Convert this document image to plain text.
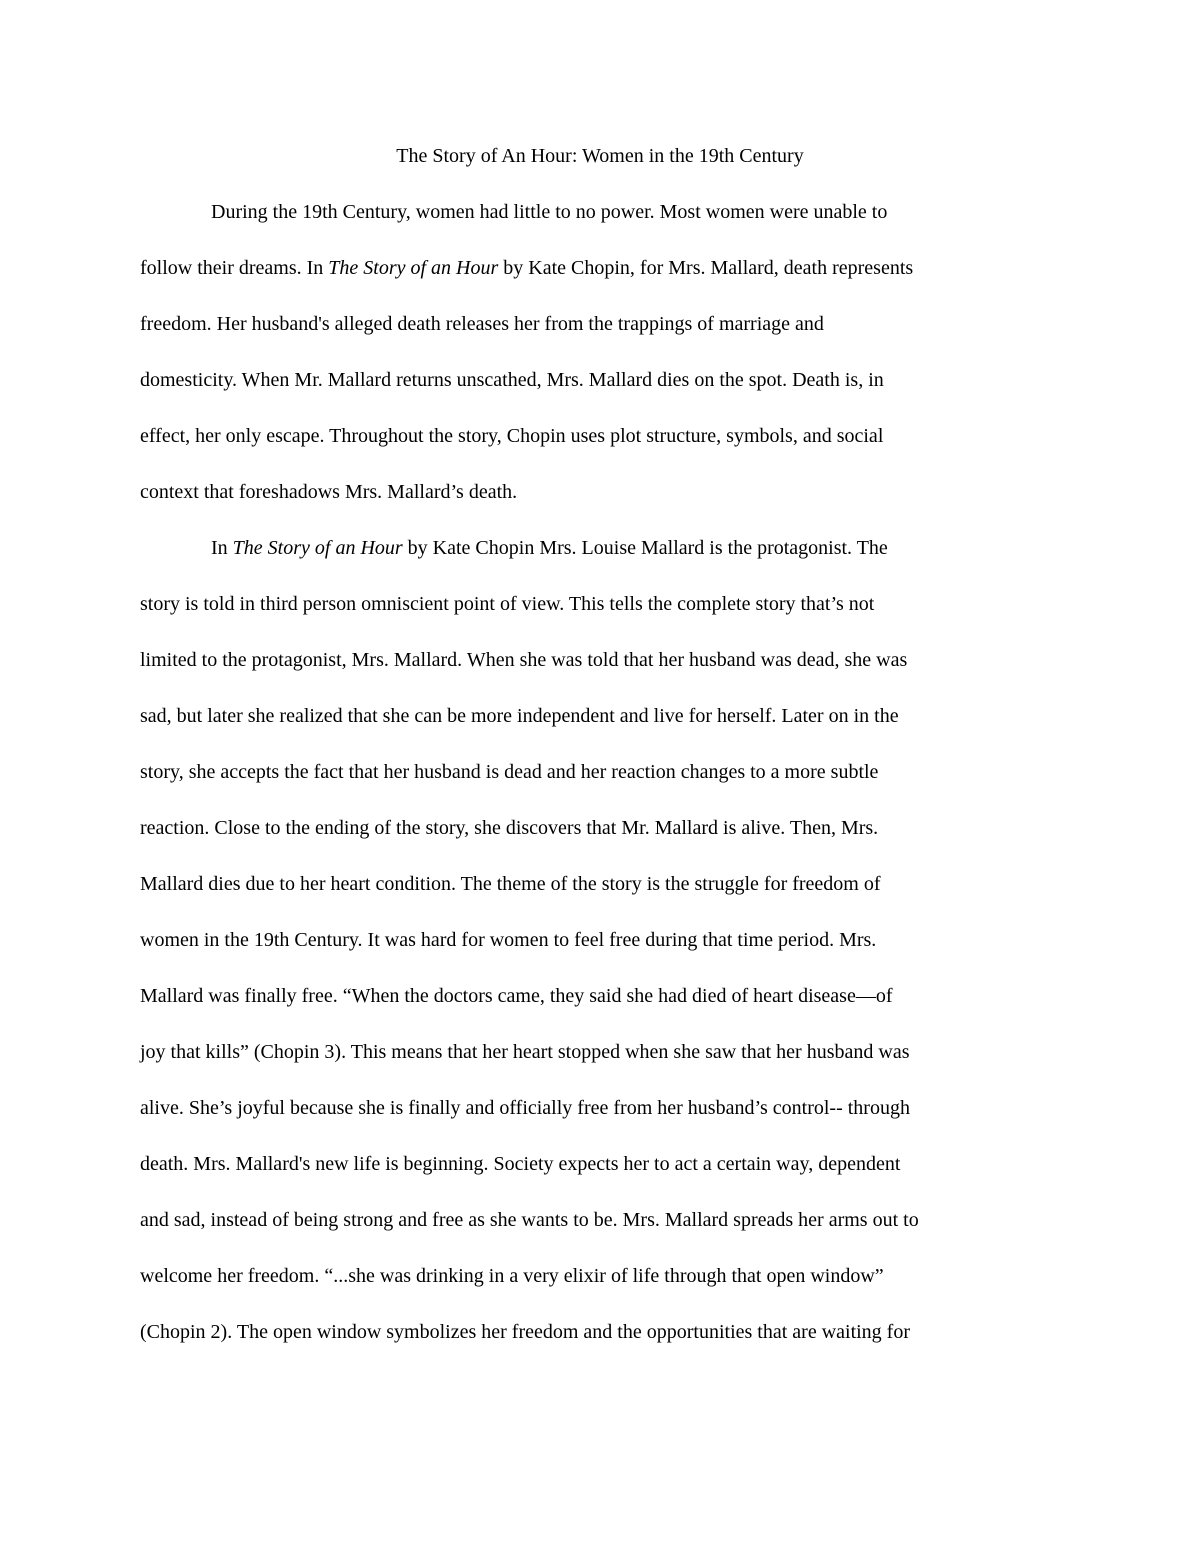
The Story of An Hour: Women in the 19th Century
During the 19th Century, women had little to no power. Most women were unable to
follow their dreams. In The Story of an Hour by Kate Chopin, for Mrs. Mallard, death represents
freedom. Her husband's alleged death releases her from the trappings of marriage and
domesticity. When Mr. Mallard returns unscathed, Mrs. Mallard dies on the spot. Death is, in
effect, her only escape. Throughout the story, Chopin uses plot structure, symbols, and social
context that foreshadows Mrs. Mallard’s death.
In The Story of an Hour by Kate Chopin Mrs. Louise Mallard is the protagonist. The
story is told in third person omniscient point of view. This tells the complete story that’s not
limited to the protagonist, Mrs. Mallard. When she was told that her husband was dead, she was
sad, but later she realized that she can be more independent and live for herself. Later on in the
story, she accepts the fact that her husband is dead and her reaction changes to a more subtle
reaction. Close to the ending of the story, she discovers that Mr. Mallard is alive. Then, Mrs.
Mallard dies due to her heart condition. The theme of the story is the struggle for freedom of
women in the 19th Century. It was hard for women to feel free during that time period. Mrs.
Mallard was finally free. “When the doctors came, they said she had died of heart disease—of
joy that kills” (Chopin 3). This means that her heart stopped when she saw that her husband was
alive. She’s joyful because she is finally and officially free from her husband’s control-- through
death. Mrs. Mallard's new life is beginning. Society expects her to act a certain way, dependent
and sad, instead of being strong and free as she wants to be. Mrs. Mallard spreads her arms out to
welcome her freedom. “...she was drinking in a very elixir of life through that open window”
(Chopin 2). The open window symbolizes her freedom and the opportunities that are waiting for
